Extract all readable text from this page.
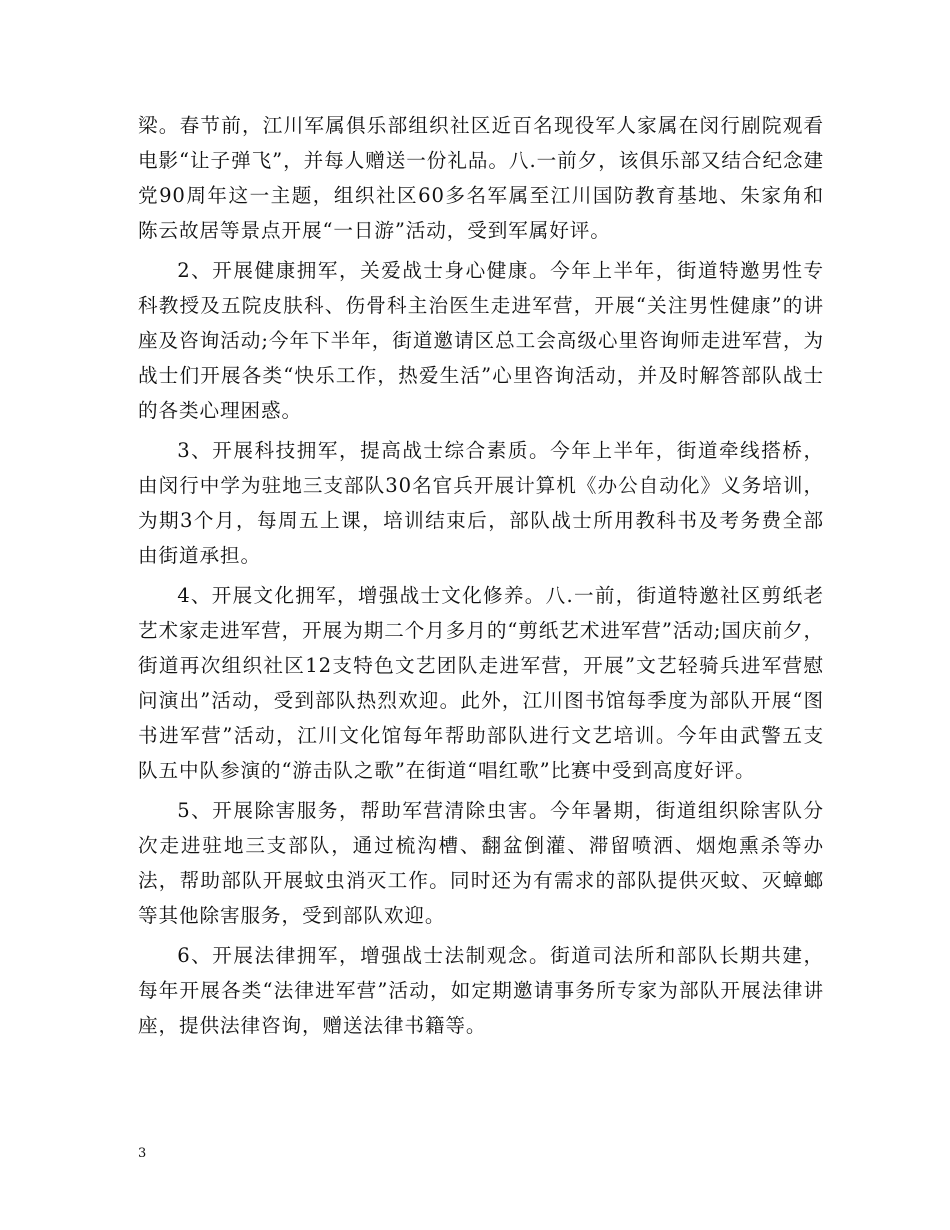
梁。春节前，江川军属俱乐部组织社区近百名现役军人家属在闵行剧院观看电影“让子弹飞”，并每人赠送一份礼品。八.一前夕，该俱乐部又结合纪念建党90周年这一主题，组织社区60多名军属至江川国防教育基地、朱家角和陈云故居等景点开展“一日游”活动，受到军属好评。

2、开展健康拥军，关爱战士身心健康。今年上半年，街道特邀男性专科教授及五院皮肤科、伤骨科主治医生走进军营，开展“关注男性健康”的讲座及咨询活动;今年下半年，街道邀请区总工会高级心里咨询师走进军营，为战士们开展各类“快乐工作，热爱生活”心里咨询活动，并及时解答部队战士的各类心理困惑。

3、开展科技拥军，提高战士综合素质。今年上半年，街道牵线搭桥，由闵行中学为驻地三支部队30名官兵开展计算机《办公自动化》义务培训，为期3个月，每周五上课，培训结束后，部队战士所用教科书及考务费全部由街道承担。

4、开展文化拥军，增强战士文化修养。八.一前，街道特邀社区剪纸老艺术家走进军营，开展为期二个月多月的“剪纸艺术进军营”活动;国庆前夕，街道再次组织社区12支特色文艺团队走进军营，开展”文艺轻骑兵进军营慰问演出”活动，受到部队热烈欢迎。此外，江川图书馆每季度为部队开展“图书进军营”活动，江川文化馆每年帮助部队进行文艺培训。今年由武警五支队五中队参演的“游击队之歌”在街道“唱红歌”比赛中受到高度好评。

5、开展除害服务，帮助军营清除虫害。今年暑期，街道组织除害队分次走进驻地三支部队，通过梳沟槽、翻盆倒灌、滞留喷洒、烟炮熏杀等办法，帮助部队开展蚊虫消灭工作。同时还为有需求的部队提供灭蚊、灭蟑螂等其他除害服务，受到部队欢迎。

6、开展法律拥军，增强战士法制观念。街道司法所和部队长期共建，每年开展各类“法律进军营”活动，如定期邀请事务所专家为部队开展法律讲座，提供法律咨询，赠送法律书籍等。

3
